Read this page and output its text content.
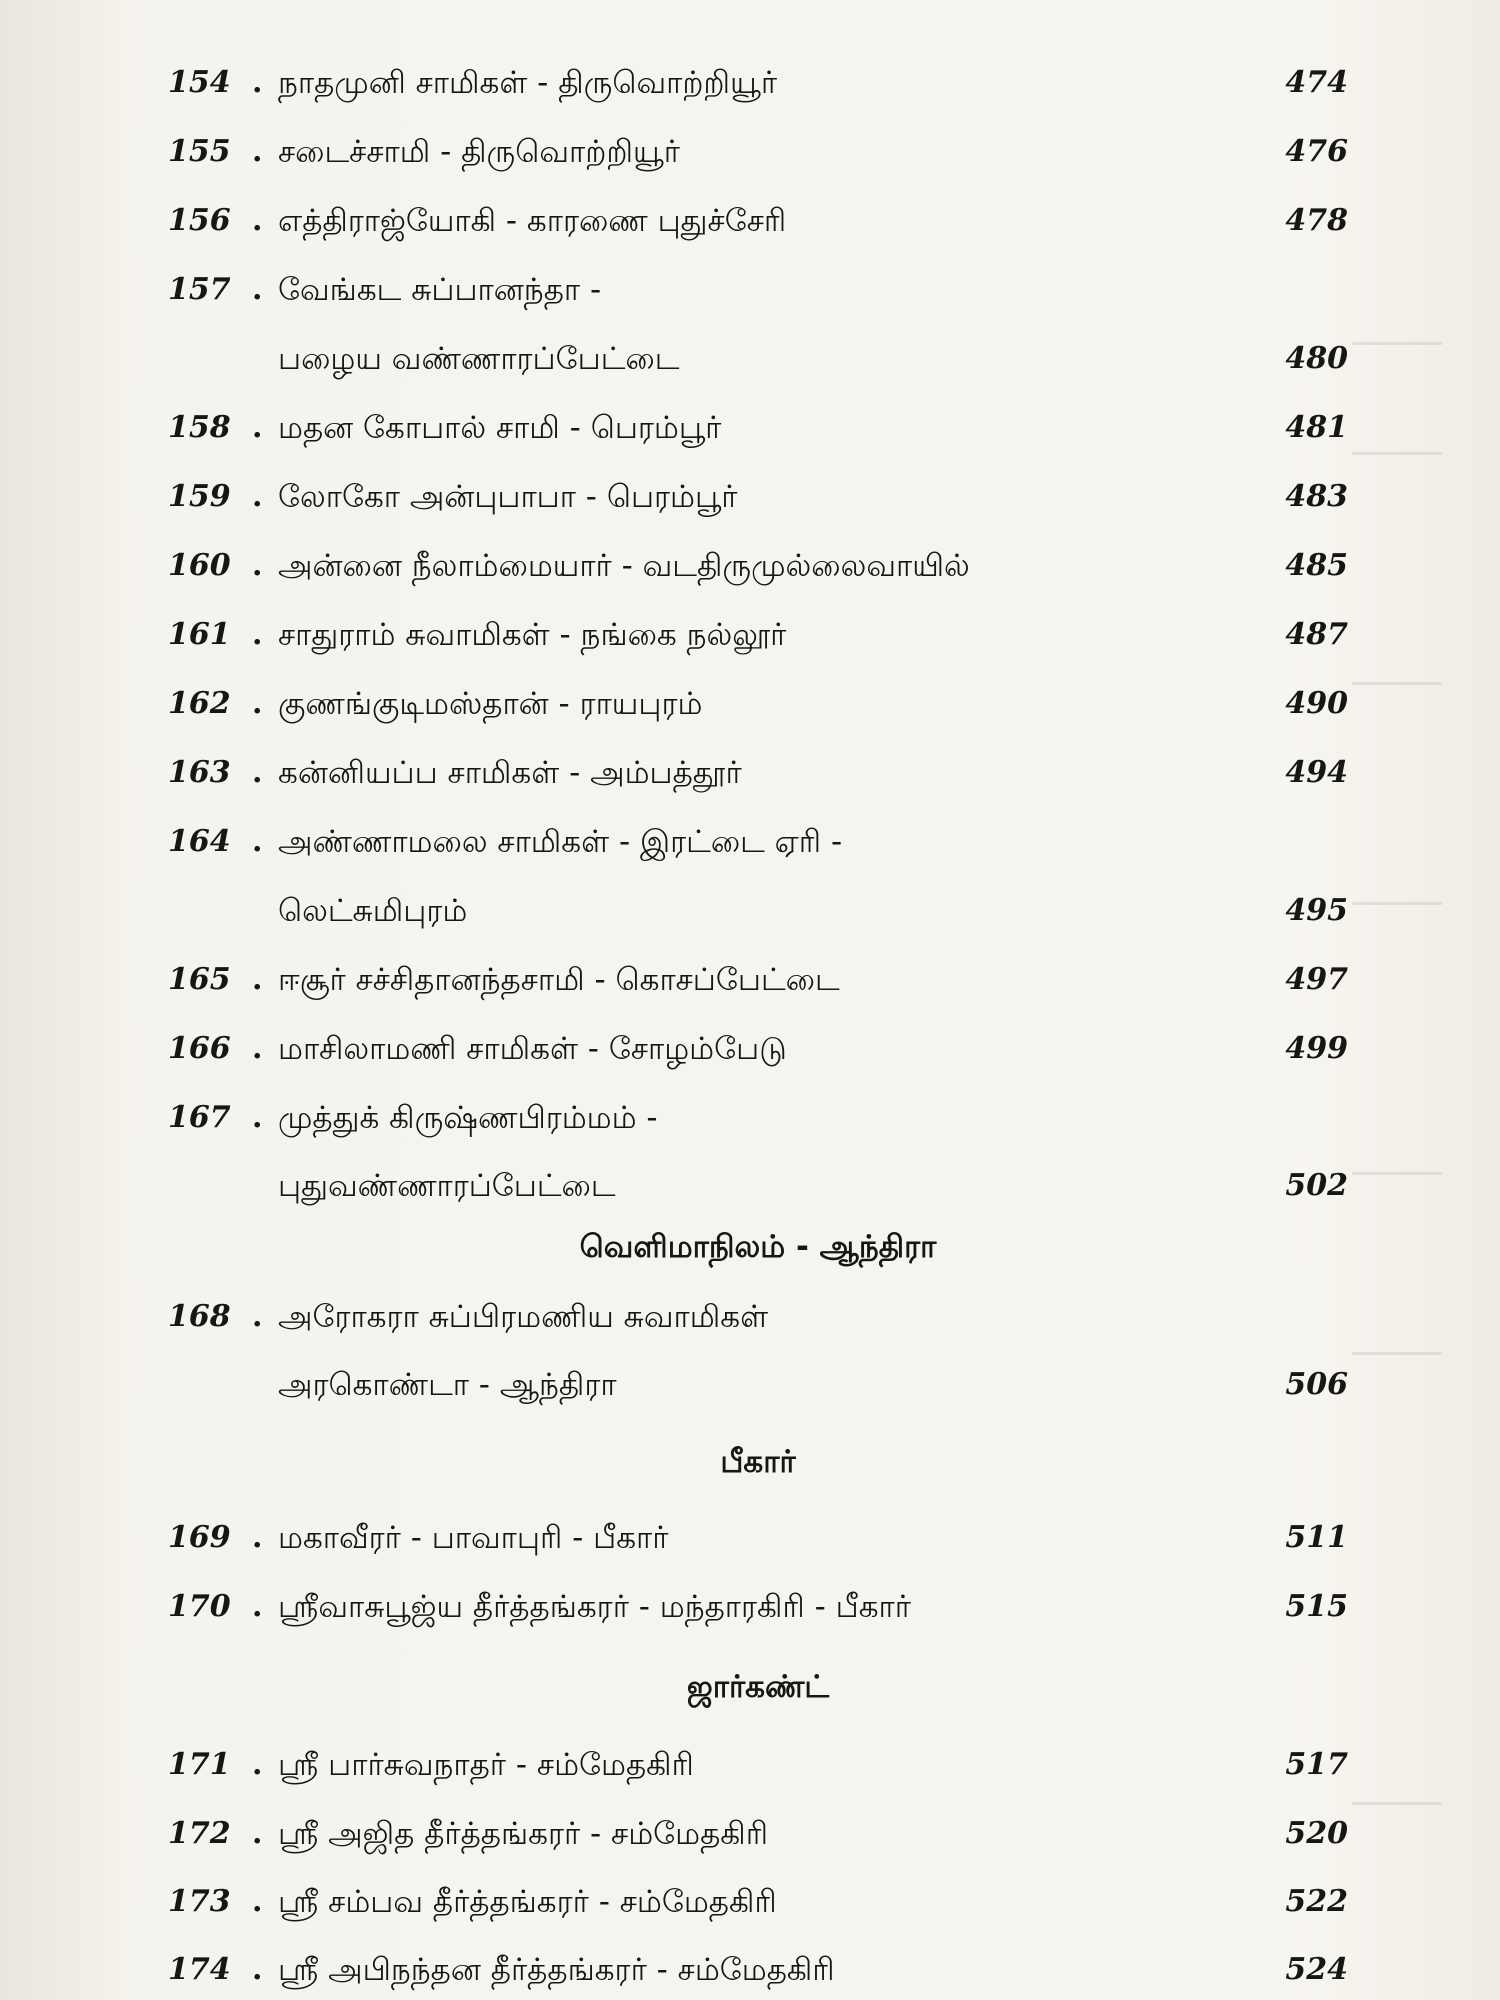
154 . நாதமுனி சாமிகள் - திருவொற்றியூர்	474
155 . சடைச்சாமி - திருவொற்றியூர்	476
156 . எத்திராஜ்யோகி - காரணை புதுச்சேரி	478
157 . வேங்கட சுப்பானந்தா -
பழைய வண்ணாரப்பேட்டை	480
158 . மதன கோபால் சாமி - பெரம்பூர்	481
159 . லோகோ அன்புபாபா - பெரம்பூர்	483
160 . அன்னை நீலாம்மையார் - வடதிருமுல்லைவாயில்	485
161 . சாதுராம் சுவாமிகள் - நங்கை நல்லூர்	487
162 . குணங்குடிமஸ்தான் - ராயபுரம்	490
163 . கன்னியப்ப சாமிகள் - அம்பத்தூர்	494
164 . அண்ணாமலை சாமிகள் - இரட்டை ஏரி -
லெட்சுமிபுரம்	495
165 . ஈசூர் சச்சிதானந்தசாமி - கொசப்பேட்டை	497
166 . மாசிலாமணி சாமிகள் - சோழம்பேடு	499
167 . முத்துக் கிருஷ்ணபிரம்மம் -
புதுவண்ணாரப்பேட்டை	502
வெளிமாநிலம் - ஆந்திரா
168 . அரோகரா சுப்பிரமணிய சுவாமிகள்
அரகொண்டா - ஆந்திரா	506
பீகார்
169 . மகாவீரர் - பாவாபுரி - பீகார்	511
170 . ஸ்ரீவாசுபூஜ்ய தீர்த்தங்கரர் - மந்தாரகிரி - பீகார்	515
ஜார்கண்ட்
171 . ஸ்ரீ பார்சுவநாதர் - சம்மேதகிரி	517
172 . ஸ்ரீ அஜித தீர்த்தங்கரர் - சம்மேதகிரி	520
173 . ஸ்ரீ சம்பவ தீர்த்தங்கரர் - சம்மேதகிரி	522
174 . ஸ்ரீ அபிநந்தன தீர்த்தங்கரர் - சம்மேதகிரி	524
